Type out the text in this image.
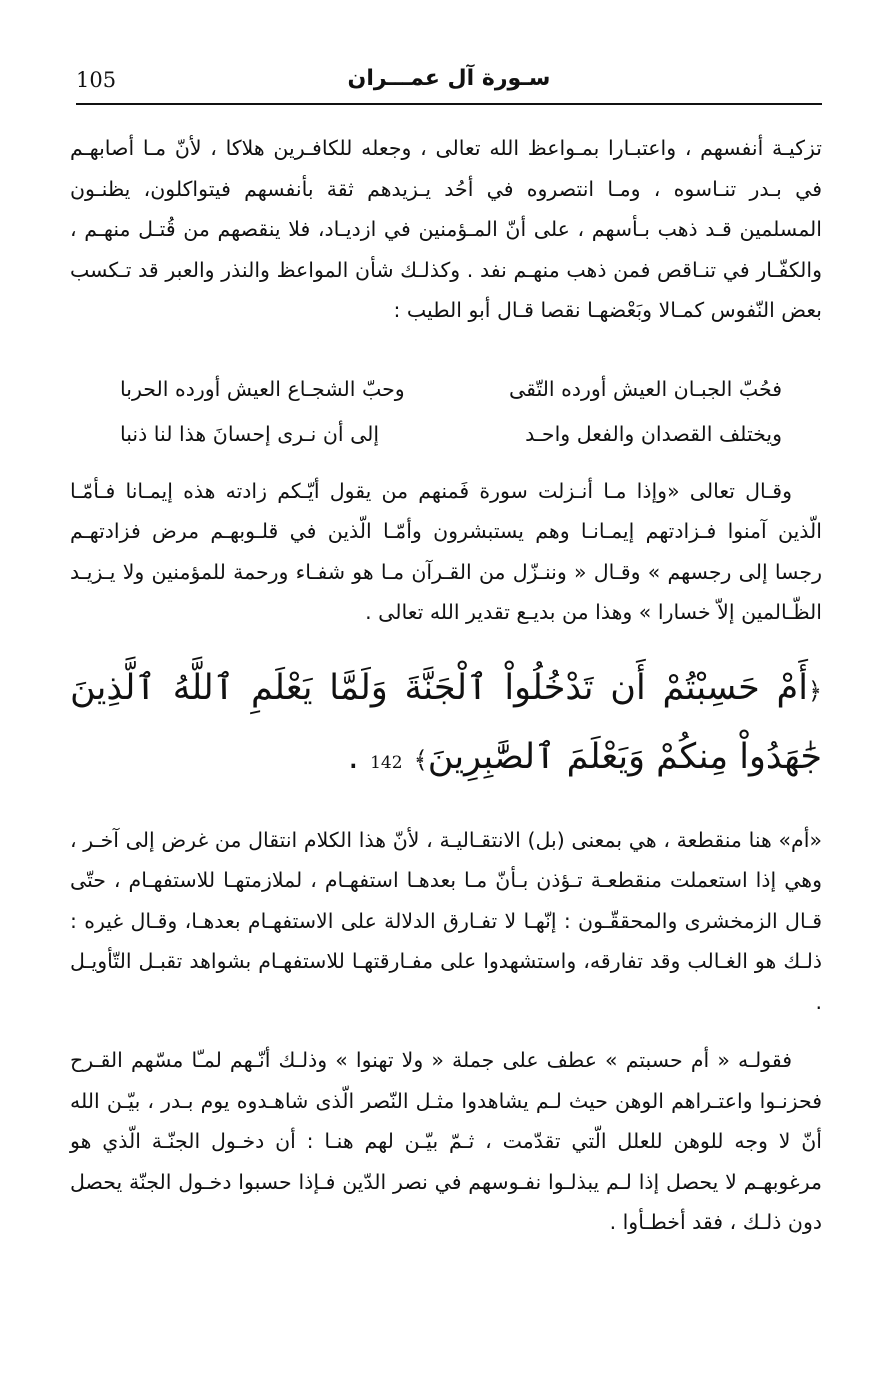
105	سـورة آل عمـــران

تزكيـة أنفسهم ، واعتبـارا بمـواعظ الله تعالى ، وجعله للكافـرين هلاكا ، لأنّ مـا أصابهـم في بـدر تنـاسوه ، ومـا انتصروه في أحُد يـزيدهم ثقة بأنفسهم فيتواكلون، يظنـون المسلمين قـد ذهب بـأسهم ، على أنّ المـؤمنين في ازديـاد، فلا ينقصهم من قُتـل منهـم ، والكفّـار في تنـاقص فمن ذهب منهـم نفد . وكذلـك شأن المواعظ والنذر والعبر قد تـكسب بعض النّفوس كمـالا وبَعْضهـا نقصا قـال أبو الطيب :

فحُبّ الجبـان العيش أورده التّقى
وحبّ الشجـاع العيش أورده الحربا
ويختلف القصدان والفعل واحـد
إلى أن نـرى إحسانَ هذا لنا ذنبا

وقـال تعالى «وإذا مـا أنـزلت سورة فَمنهم من يقول أيّـكم زادته هذه إيمـانا فـأمّـا الّذين آمنوا فـزادتهم إيمـانـا وهم يستبشرون وأمّـا الّذين في قلـوبهـم مرض فزادتهـم رجسا إلى رجسهم » وقـال « وننـزّل من القـرآن مـا هو شفـاء ورحمة للمؤمنين ولا يـزيـد الظّـالمين إلاّ خسارا » وهذا من بديـع تقدير الله تعالى .

﴿أَمْ حَسِبْتُمْ أَن تَدْخُلُواْ ٱلْجَنَّةَ وَلَمَّا يَعْلَمِ ٱللَّهُ ٱلَّذِينَ جَٰهَدُواْ مِنكُمْ وَيَعْلَمَ ٱلصَّٰبِرِينَ﴾ 142 .

«أم» هنا منقطعة ، هي بمعنى (بل) الانتقـاليـة ، لأنّ هذا الكلام انتقال من غرض إلى آخـر ، وهي إذا استعملت منقطعـة تـؤذن بـأنّ مـا بعدهـا استفهـام ، لملازمتهـا للاستفهـام ، حتّى قـال الزمخشرى والمحققّـون : إنّهـا لا تفـارق الدلالة على الاستفهـام بعدهـا، وقـال غيره : ذلـك هو الغـالب وقد تفارقه، واستشهدوا على مفـارقتهـا للاستفهـام بشواهد تقبـل التّأويـل .

فقولـه « أم حسبتم » عطف على جملة « ولا تهنوا » وذلـك أنّـهم لمـّا مسّهم القـرح فحزنـوا واعتـراهم الوهن حيث لـم يشاهدوا مثـل النّصر الّذى شاهـدوه يوم بـدر ، بيّـن الله أنّ لا وجه للوهن للعلل الّتي تقدّمت ، ثـمّ بيّـن لهم هنـا : أن دخـول الجنّـة الّذي هو مرغوبهـم لا يحصل إذا لـم يبذلـوا نفـوسهم في نصر الدّين فـإذا حسبوا دخـول الجنّة يحصل دون ذلـك ، فقد أخطـأوا .
